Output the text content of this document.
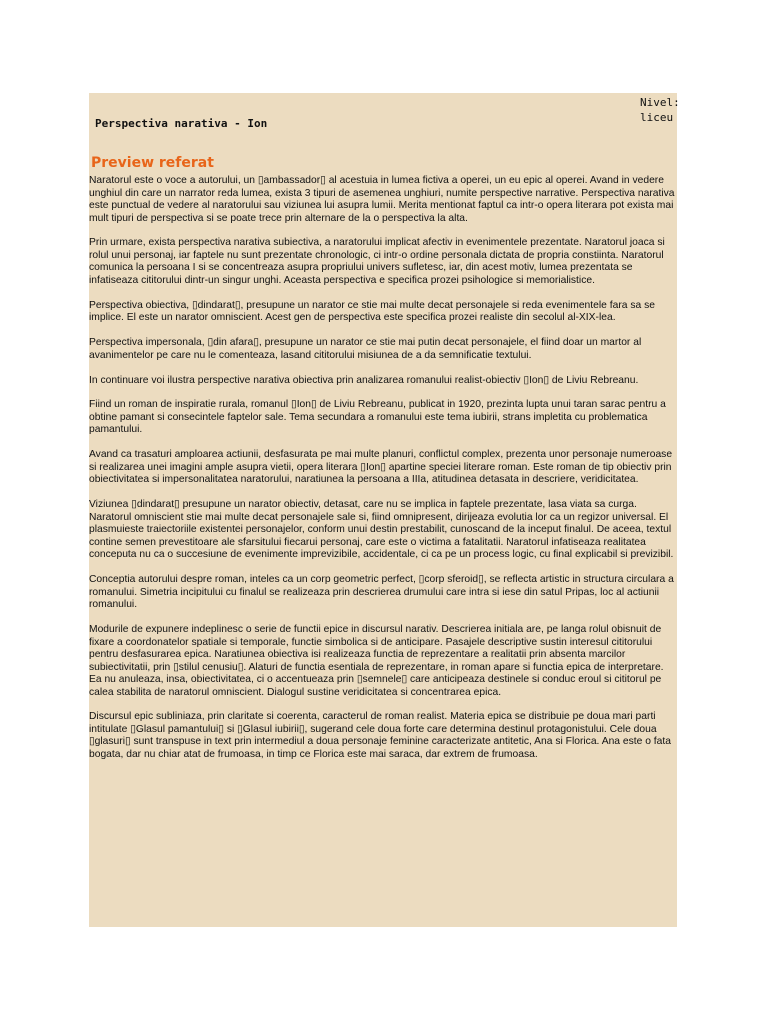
Perspectiva narativa - Ion
Nivel:
liceu
Preview referat

Naratorul este o voce a autorului, un ▯ambassador▯ al acestuia in lumea fictiva a operei, un eu epic al operei. Avand in vedere unghiul din care un narrator reda lumea, exista 3 tipuri de asemenea unghiuri, numite perspective narrative. Perspectiva narativa este punctual de vedere al naratorului sau viziunea lui asupra lumii. Merita mentionat faptul ca intr-o opera literara pot exista mai mult tipuri de perspectiva si se poate trece prin alternare de la o perspectiva la alta.

Prin urmare, exista perspectiva narativa subiectiva, a naratorului implicat afectiv in evenimentele prezentate. Naratorul joaca si rolul unui personaj, iar faptele nu sunt prezentate chronologic, ci intr-o ordine personala dictata de propria constiinta. Naratorul comunica la persoana I si se concentreaza asupra propriului univers sufletesc, iar, din acest motiv, lumea prezentata se infatiseaza cititorului dintr-un singur unghi. Aceasta perspectiva e specifica prozei psihologice si memorialistice.

Perspectiva obiectiva, ▯dindarat▯, presupune un narator ce stie mai multe decat personajele si reda evenimentele fara sa se implice. El este un narator omniscient. Acest gen de perspectiva este specifica prozei realiste din secolul al-XIX-lea.

Perspectiva impersonala, ▯din afara▯, presupune un narator ce stie mai putin decat personajele, el fiind doar un martor al avanimentelor pe care nu le comenteaza, lasand cititorului misiunea de a da semnificatie textului.

In continuare voi ilustra perspective narativa obiectiva prin analizarea romanului realist-obiectiv ▯Ion▯ de Liviu Rebreanu.

Fiind un roman de inspiratie rurala, romanul ▯Ion▯ de Liviu Rebreanu, publicat in 1920, prezinta lupta unui taran sarac pentru a obtine pamant si consecintele faptelor sale. Tema secundara a romanului este tema iubirii, strans impletita cu problematica pamantului.

Avand ca trasaturi amploarea actiunii, desfasurata pe mai multe planuri, conflictul complex, prezenta unor personaje numeroase si realizarea unei imagini ample asupra vietii, opera literara ▯Ion▯ apartine speciei literare roman. Este roman de tip obiectiv prin obiectivitatea si impersonalitatea naratorului, naratiunea la persoana a IIIa, atitudinea detasata in descriere, veridicitatea.

Viziunea ▯dindarat▯ presupune un narator obiectiv, detasat, care nu se implica in faptele prezentate, lasa viata sa curga. Naratorul omniscient stie mai multe decat personajele sale si, fiind omnipresent, dirijeaza evolutia lor ca un regizor universal. El plasmuieste traiectoriile existentei personajelor, conform unui destin prestabilit, cunoscand de la inceput finalul. De aceea, textul contine semen prevestitoare ale sfarsitului fiecarui personaj, care este o victima a fatalitatii. Naratorul infatiseaza realitatea conceputa nu ca o succesiune de evenimente imprevizibile, accidentale, ci ca pe un process logic, cu final explicabil si previzibil.

Conceptia autorului despre roman, inteles ca un corp geometric perfect, ▯corp sferoid▯, se reflecta artistic in structura circulara a romanului. Simetria incipitului cu finalul se realizeaza prin descrierea drumului care intra si iese din satul Pripas, loc al actiunii romanului.

Modurile de expunere indeplinesc o serie de functii epice in discursul narativ. Descrierea initiala are, pe langa rolul obisnuit de fixare a coordonatelor spatiale si temporale, functie simbolica si de anticipare. Pasajele descriptive sustin interesul cititorului pentru desfasurarea epica. Naratiunea obiectiva isi realizeaza functia de reprezentare a realitatii prin absenta marcilor subiectivitatii, prin ▯stilul cenusiu▯. Alaturi de functia esentiala de reprezentare, in roman apare si functia epica de interpretare. Ea nu anuleaza, insa, obiectivitatea, ci o accentueaza prin ▯semnele▯ care anticipeaza destinele si conduc eroul si cititorul pe calea stabilita de naratorul omniscient. Dialogul sustine veridicitatea si concentrarea epica.

Discursul epic subliniaza, prin claritate si coerenta, caracterul de roman realist. Materia epica se distribuie pe doua mari parti intitulate ▯Glasul pamantului▯ si ▯Glasul iubirii▯, sugerand cele doua forte care determina destinul protagonistului. Cele doua ▯glasuri▯ sunt transpuse in text prin intermediul a doua personaje feminine caracterizate antitetic, Ana si Florica. Ana este o fata bogata, dar nu chiar atat de frumoasa, in timp ce Florica este mai saraca, dar extrem de frumoasa.
